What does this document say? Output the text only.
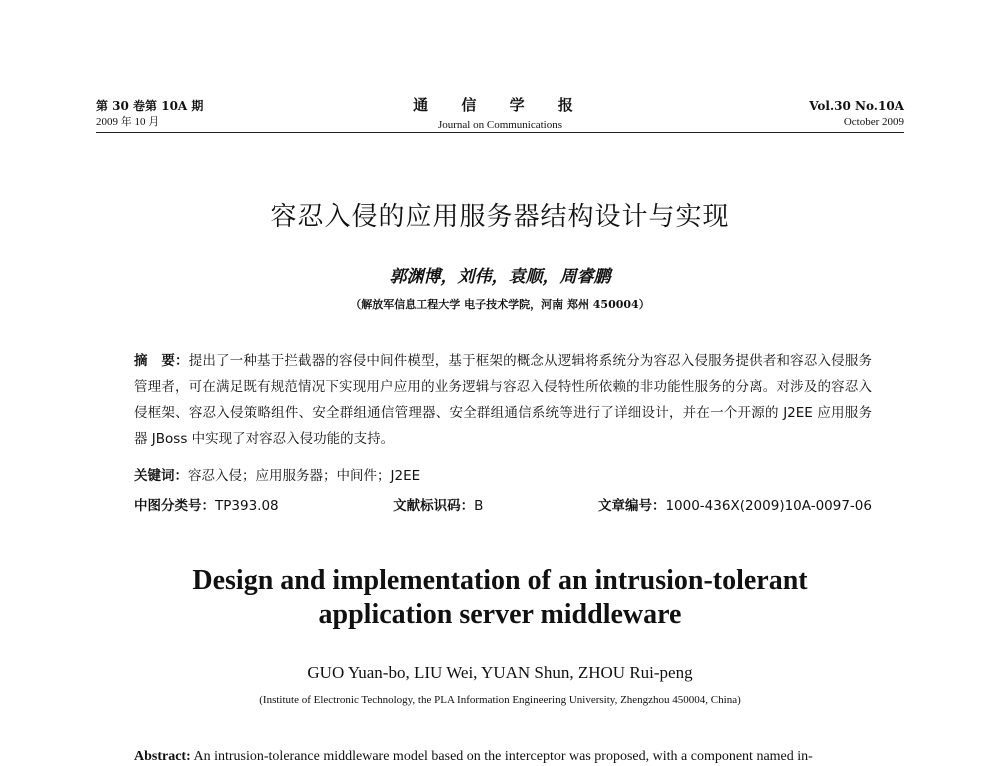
第 30 卷第 10A 期
2009 年 10 月
通 信 学 报
Journal on Communications
Vol.30 No.10A
October 2009
容忍入侵的应用服务器结构设计与实现
郭渊博，刘伟，袁顺，周睿鹏
（解放军信息工程大学 电子技术学院，河南 郑州 450004）
摘　要：提出了一种基于拦截器的容侵中间件模型，基于框架的概念从逻辑将系统分为容忍入侵服务提供者和容忍入侵服务管理者，可在满足既有规范情况下实现用户应用的业务逻辑与容忍入侵特性所依赖的非功能性服务的分离。对涉及的容忍入侵框架、容忍入侵策略组件、安全群组通信管理器、安全群组通信系统等进行了详细设计，并在一个开源的 J2EE 应用服务器 JBoss 中实现了对容忍入侵功能的支持。
关键词：容忍入侵；应用服务器；中间件；J2EE
中图分类号：TP393.08	文献标识码：B	文章编号：1000-436X(2009)10A-0097-06
Design and implementation of an intrusion-tolerant
application server middleware
GUO Yuan-bo, LIU Wei, YUAN Shun, ZHOU Rui-peng
(Institute of Electronic Technology, the PLA Information Engineering University, Zhengzhou 450004, China)
Abstract: An intrusion-tolerance middleware model based on the interceptor was proposed, with a component named in-
